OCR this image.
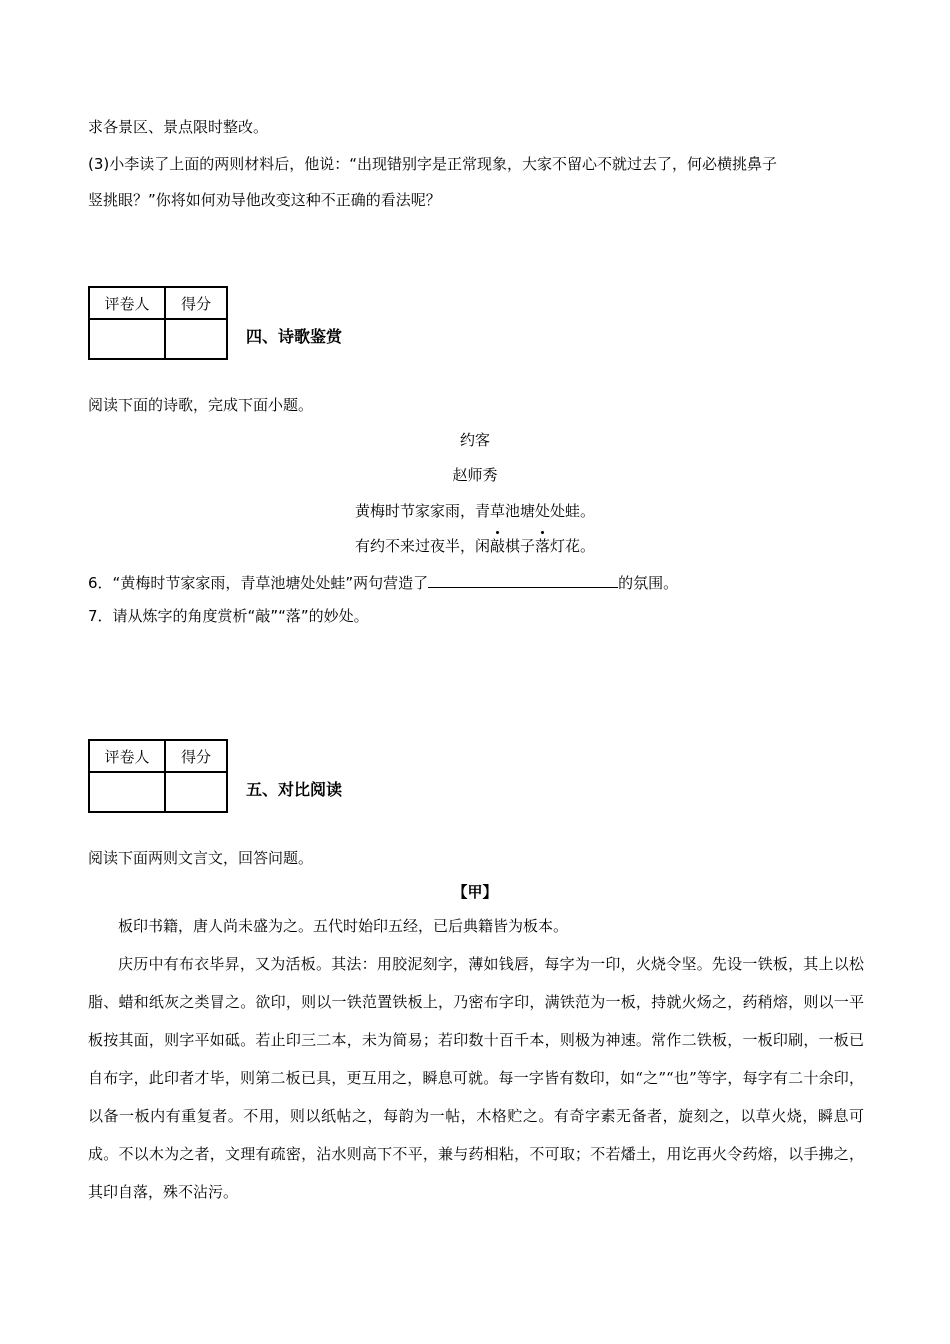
求各景区、景点限时整改。
(3)小李读了上面的两则材料后，他说：“出现错别字是正常现象，大家不留心不就过去了，何必横挑鼻子
竖挑眼？”你将如何劝导他改变这种不正确的看法呢？
评卷人	得分

四、诗歌鉴赏
阅读下面的诗歌，完成下面小题。
约客
赵师秀
黄梅时节家家雨，青草池塘处处蛙。
有约不来过夜半，闲敲棋子落灯花。
6．“黄梅时节家家雨，青草池塘处处蛙”两句营造了	的氛围。
7．请从炼字的角度赏析“敲”“落”的妙处。
评卷人	得分

五、对比阅读
阅读下面两则文言文，回答问题。
【甲】

板印书籍，唐人尚未盛为之。五代时始印五经，已后典籍皆为板本。

庆历中有布衣毕昇，又为活板。其法：用胶泥刻字，薄如钱唇，每字为一印，火烧令坚。先设一铁板，其上以松脂、蜡和纸灰之类冒之。欲印，则以一铁范置铁板上，乃密布字印，满铁范为一板，持就火炀之，药稍熔，则以一平板按其面，则字平如砥。若止印三二本，未为简易；若印数十百千本，则极为神速。常作二铁板，一板印刷，一板已自布字，此印者才毕，则第二板已具，更互用之，瞬息可就。每一字皆有数印，如“之”“也”等字，每字有二十余印，以备一板内有重复者。不用，则以纸帖之，每韵为一帖，木格贮之。有奇字素无备者，旋刻之，以草火烧，瞬息可成。不以木为之者，文理有疏密，沾水则高下不平，兼与药相粘，不可取；不若燔土，用讫再火令药熔，以手拂之，其印自落，殊不沾污。
